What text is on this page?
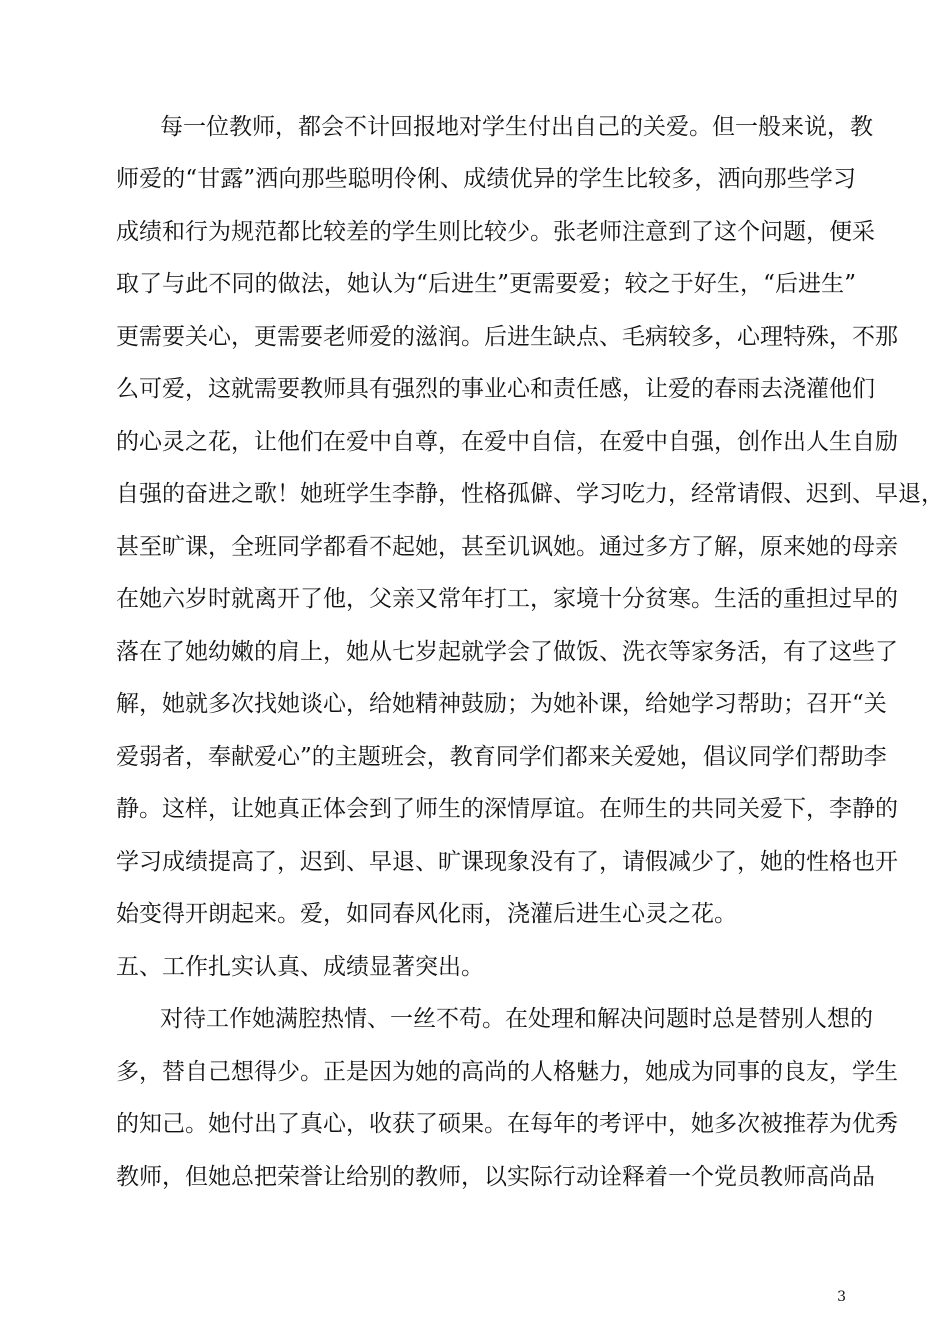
每一位教师，都会不计回报地对学生付出自己的关爱。但一般来说，教
师爱的“甘露”洒向那些聪明伶俐、成绩优异的学生比较多，洒向那些学习
成绩和行为规范都比较差的学生则比较少。张老师注意到了这个问题，便采
取了与此不同的做法，她认为“后进生”更需要爱；较之于好生，“后进生”
更需要关心，更需要老师爱的滋润。后进生缺点、毛病较多，心理特殊，不那
么可爱，这就需要教师具有强烈的事业心和责任感，让爱的春雨去浇灌他们
的心灵之花，让他们在爱中自尊，在爱中自信，在爱中自强，创作出人生自励
自强的奋进之歌！她班学生李静，性格孤僻、学习吃力，经常请假、迟到、早退，
甚至旷课，全班同学都看不起她，甚至讥讽她。通过多方了解，原来她的母亲
在她六岁时就离开了他，父亲又常年打工，家境十分贫寒。生活的重担过早的
落在了她幼嫩的肩上，她从七岁起就学会了做饭、洗衣等家务活，有了这些了
解，她就多次找她谈心，给她精神鼓励；为她补课，给她学习帮助；召开“关
爱弱者，奉献爱心”的主题班会，教育同学们都来关爱她，倡议同学们帮助李
静。这样，让她真正体会到了师生的深情厚谊。在师生的共同关爱下，李静的
学习成绩提高了，迟到、早退、旷课现象没有了，请假减少了，她的性格也开
始变得开朗起来。爱，如同春风化雨，浇灌后进生心灵之花。
五、工作扎实认真、成绩显著突出。
对待工作她满腔热情、一丝不苟。在处理和解决问题时总是替别人想的
多，替自己想得少。正是因为她的高尚的人格魅力，她成为同事的良友，学生
的知己。她付出了真心，收获了硕果。在每年的考评中，她多次被推荐为优秀
教师，但她总把荣誉让给别的教师，以实际行动诠释着一个党员教师高尚品
3
